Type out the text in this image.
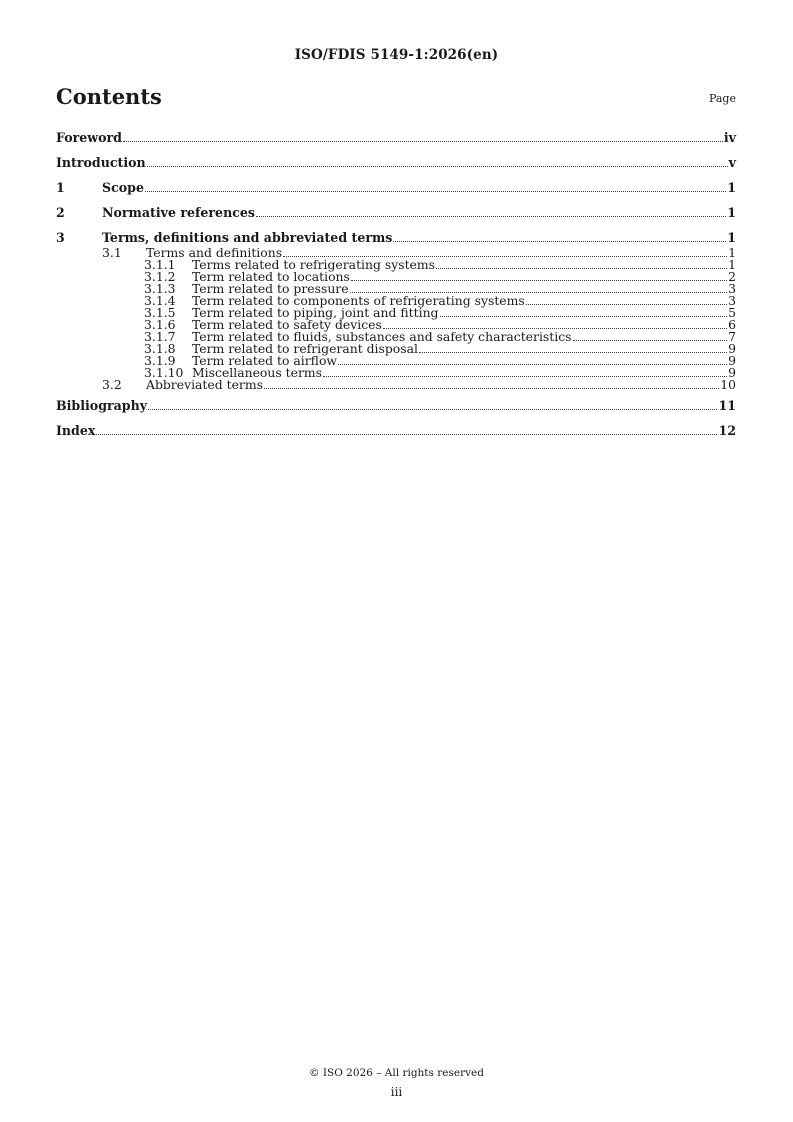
ISO/FDIS 5149-1:2026(en)
Contents	Page
Foreword	iv
Introduction	v
1	Scope	1
2	Normative references	1
3	Terms, definitions and abbreviated terms	1
3.1	Terms and definitions	1
3.1.1	Terms related to refrigerating systems	1
3.1.2	Term related to locations	2
3.1.3	Term related to pressure	3
3.1.4	Term related to components of refrigerating systems	3
3.1.5	Term related to piping, joint and fitting	5
3.1.6	Term related to safety devices	6
3.1.7	Term related to fluids, substances and safety characteristics	7
3.1.8	Term related to refrigerant disposal	9
3.1.9	Term related to airflow	9
3.1.10 Miscellaneous terms	9
3.2	Abbreviated terms	10
Bibliography	11
Index	12
© ISO 2026 – All rights reserved
iii
